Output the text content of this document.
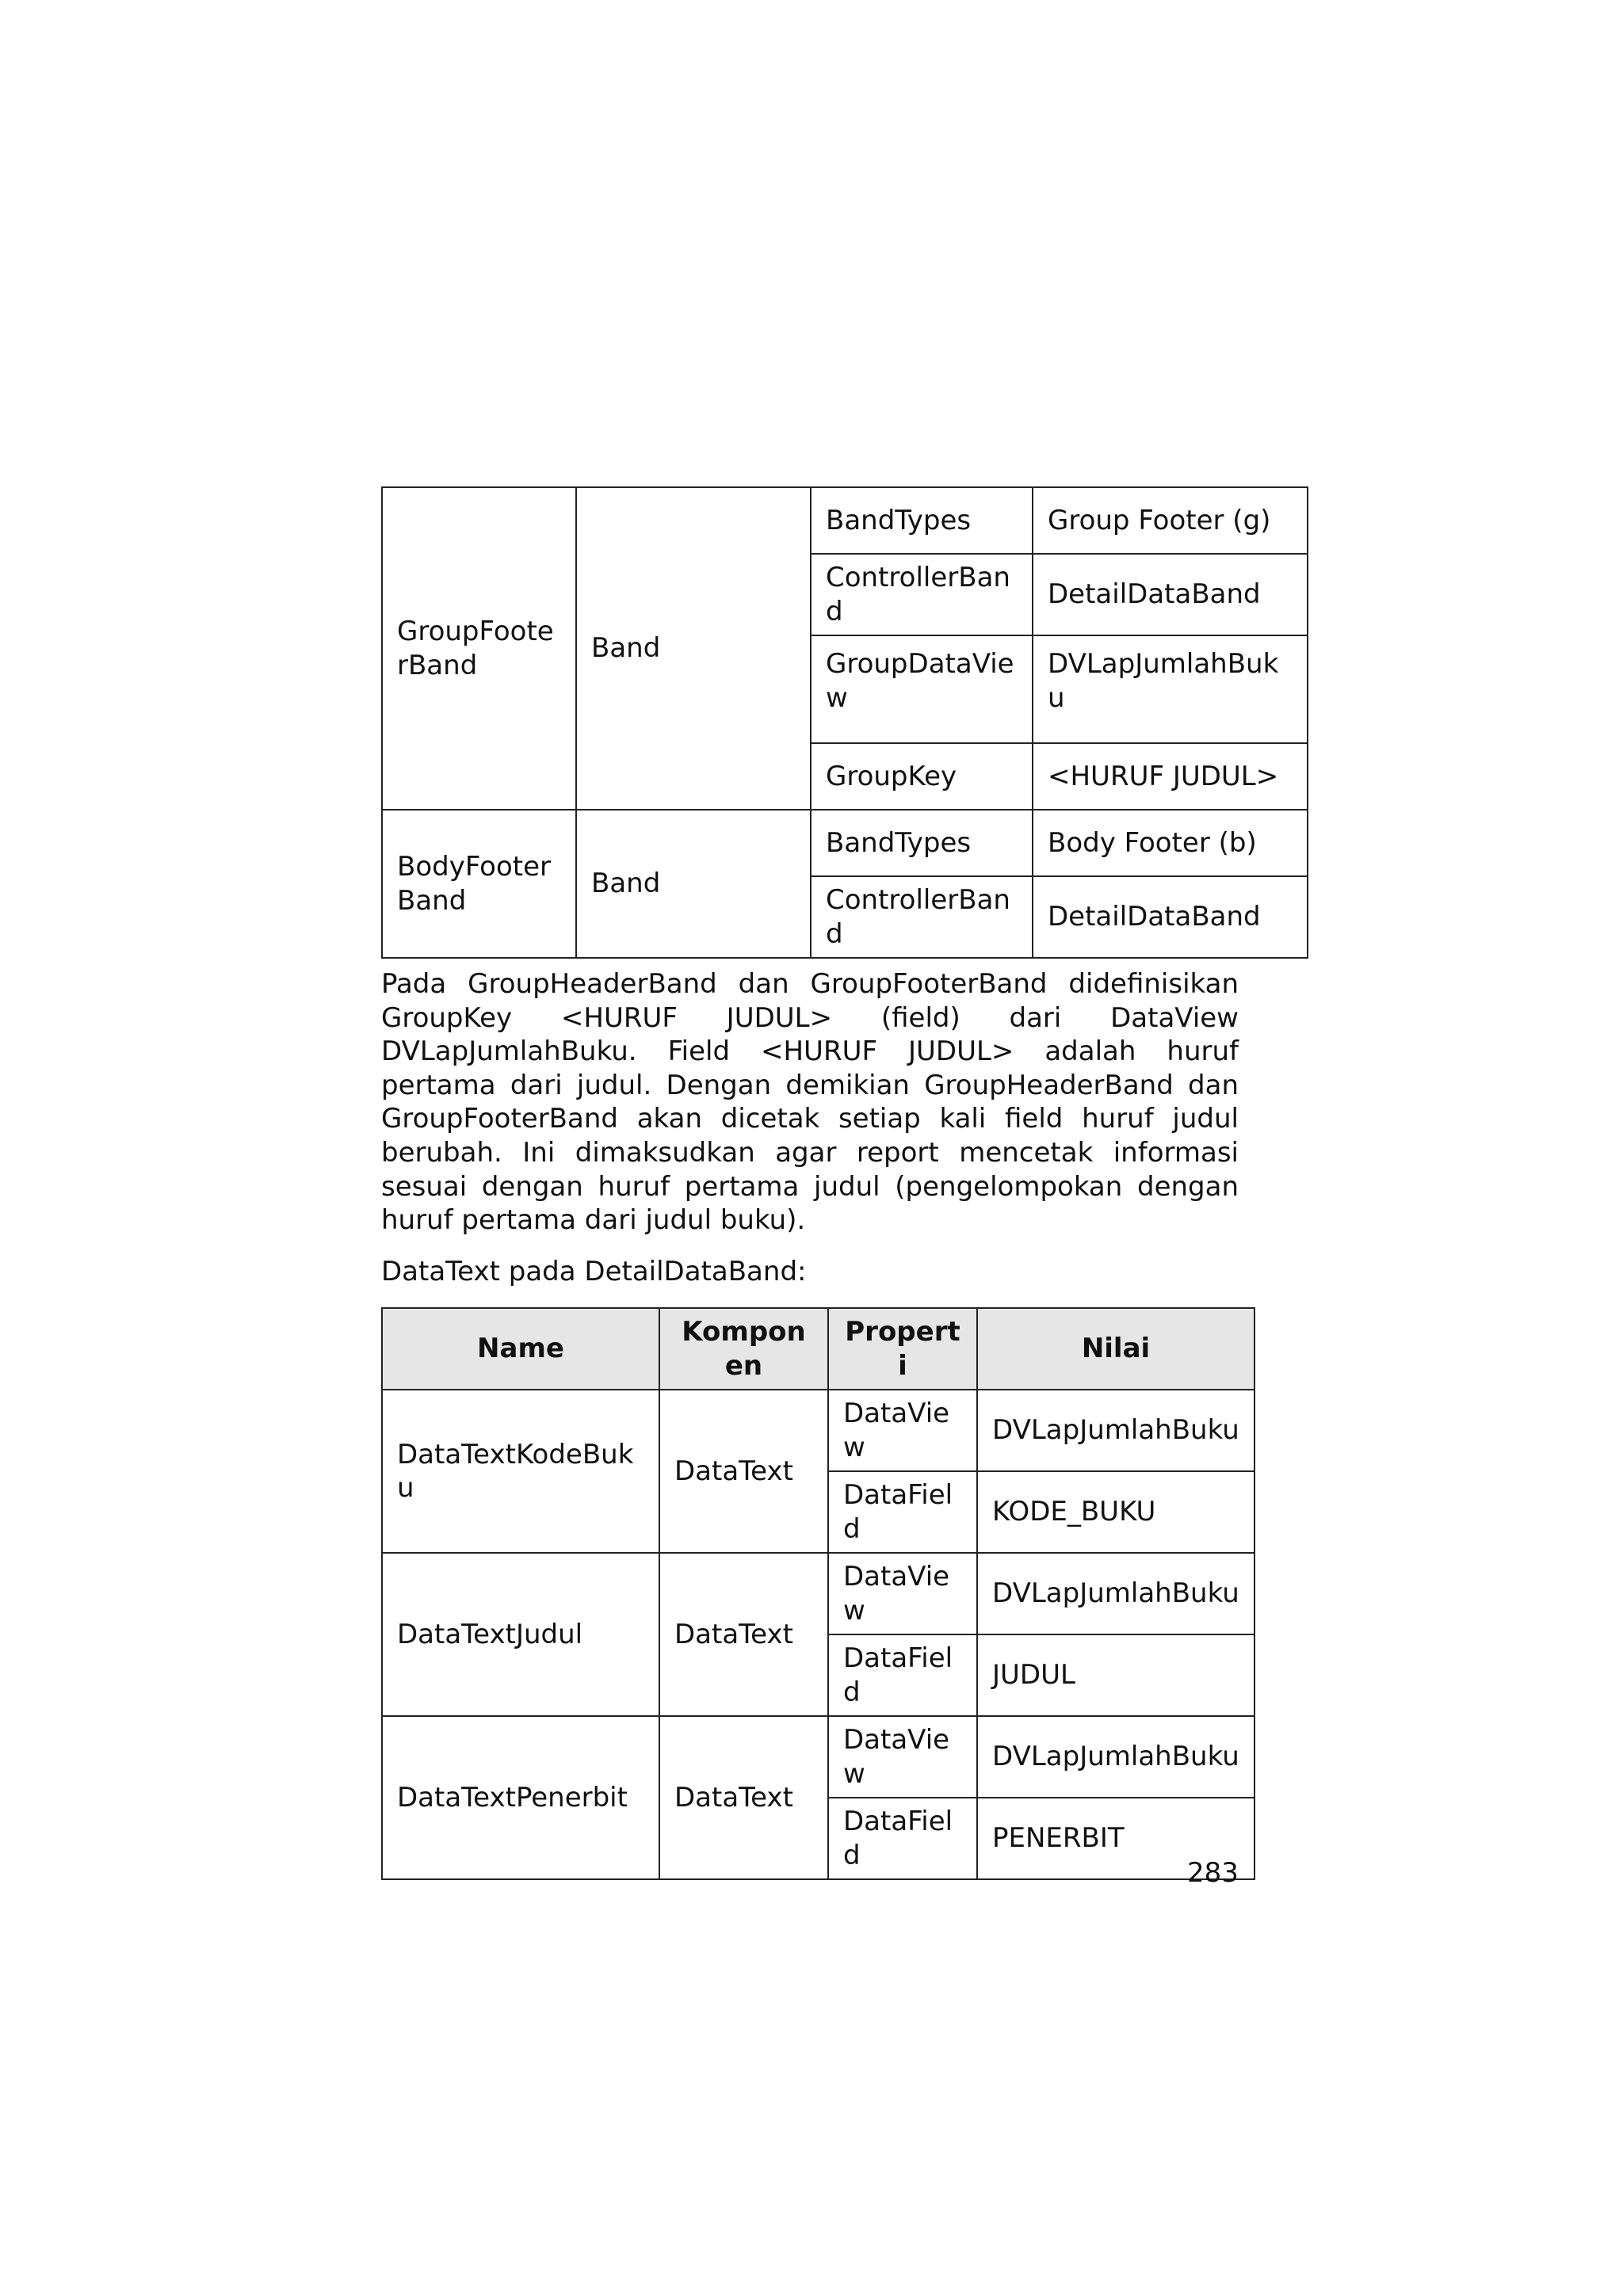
GroupFooterBand	Band	BandTypes	Group Footer (g)
		ControllerBand	DetailDataBand
		GroupDataView	DVLapJumlahBuku
		GroupKey	<HURUF JUDUL>
BodyFooterBand	Band	BandTypes	Body Footer (b)
		ControllerBand	DetailDataBand

Pada GroupHeaderBand dan GroupFooterBand didefinisikan GroupKey <HURUF JUDUL> (field) dari DataView DVLapJumlahBuku. Field <HURUF JUDUL> adalah huruf pertama dari judul. Dengan demikian GroupHeaderBand dan GroupFooterBand akan dicetak setiap kali field huruf judul berubah. Ini dimaksudkan agar report mencetak informasi sesuai dengan huruf pertama judul (pengelompokan dengan huruf pertama dari judul buku).

DataText pada DetailDataBand:

Name	Komponen	Properti	Nilai
DataTextKodeBuku	DataText	DataView	DVLapJumlahBuku
		DataField	KODE_BUKU
DataTextJudul	DataText	DataView	DVLapJumlahBuku
		DataField	JUDUL
DataTextPenerbit	DataText	DataView	DVLapJumlahBuku
		DataField	PENERBIT

283
